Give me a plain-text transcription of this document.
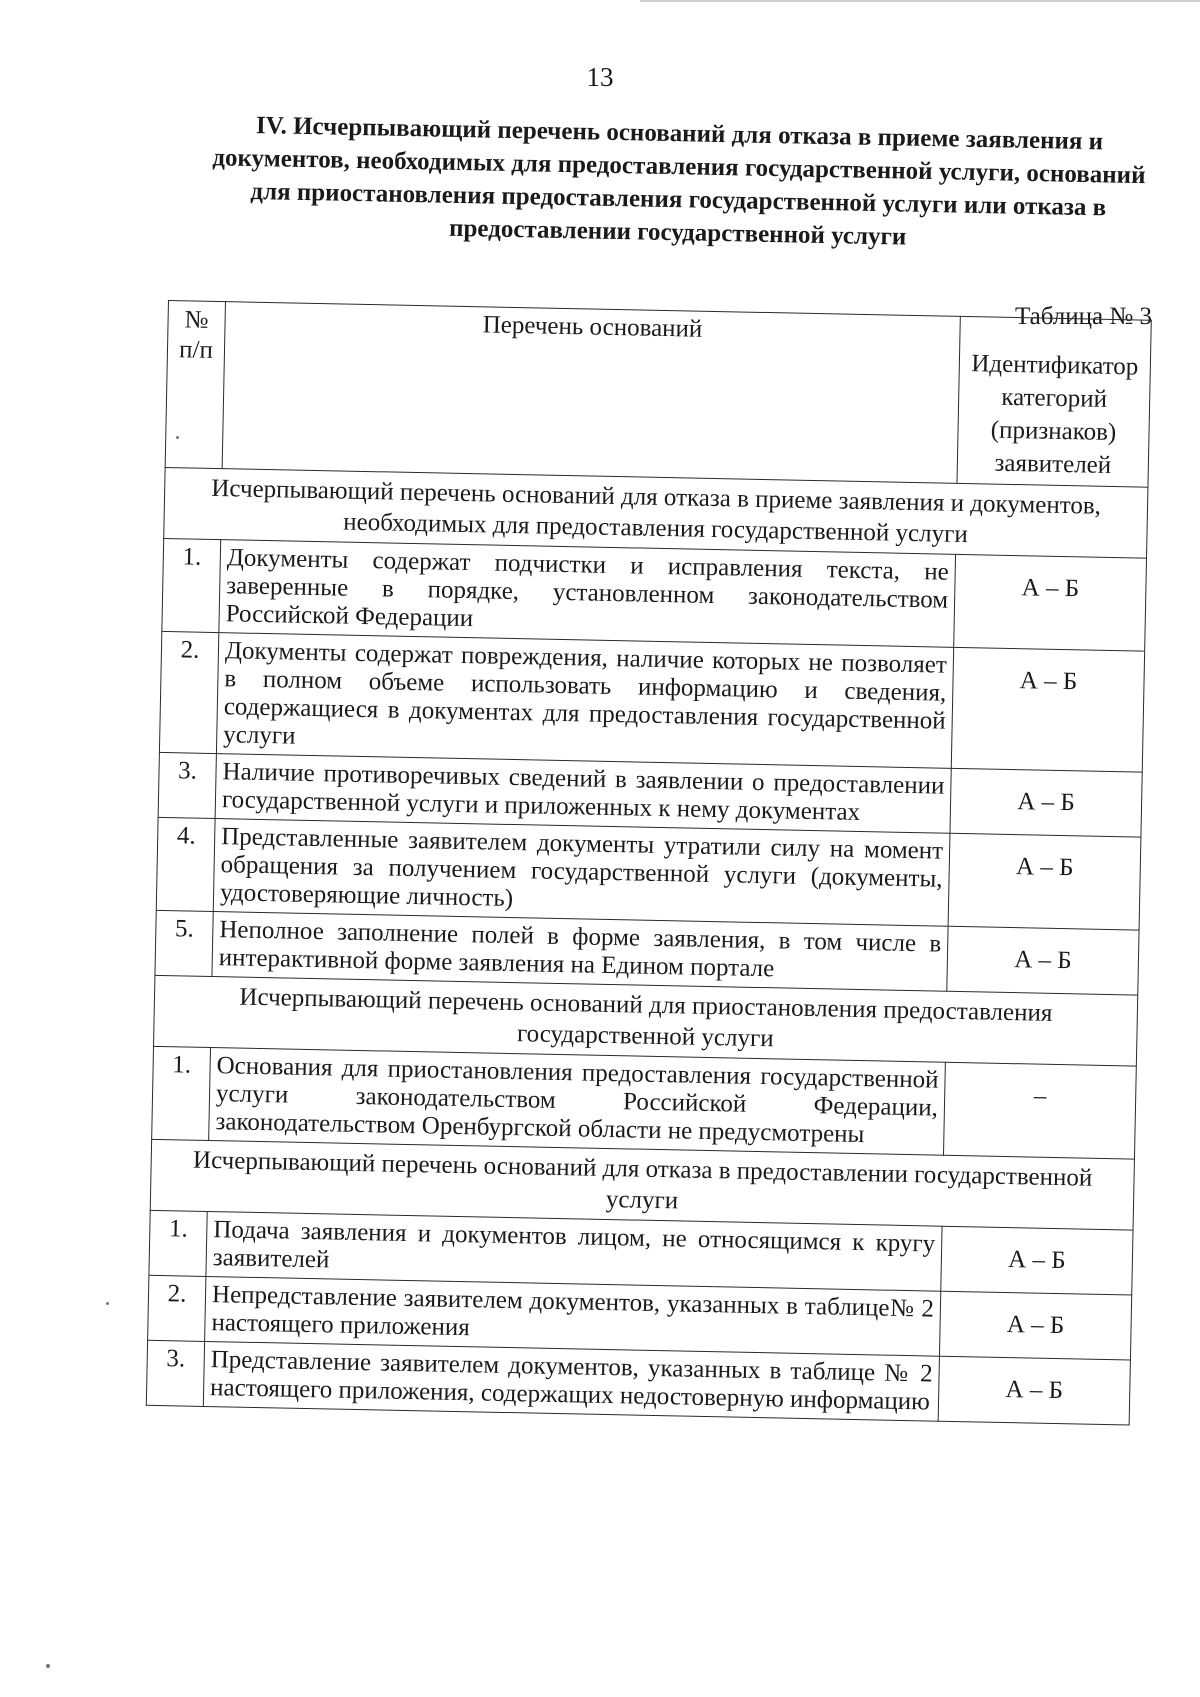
13
IV. Исчерпывающий перечень оснований для отказа в приеме заявления и документов, необходимых для предоставления государственной услуги, оснований для приостановления предоставления государственной услуги или отказа в предоставлении государственной услуги
Таблица № 3
№ п/п	Перечень оснований	Идентификатор категорий (признаков) заявителей
Исчерпывающий перечень оснований для отказа в приеме заявления и документов, необходимых для предоставления государственной услуги		
1.	Документы содержат подчистки и исправления текста, не заверенные в порядке, установленном законодательством Российской Федерации	А – Б
2.	Документы содержат повреждения, наличие которых не позволяет в полном объеме использовать информацию и сведения, содержащиеся в документах для предоставления государственной услуги	А – Б
3.	Наличие противоречивых сведений в заявлении о предоставлении государственной услуги и приложенных к нему документах	А – Б
4.	Представленные заявителем документы утратили силу на момент обращения за получением государственной услуги (документы, удостоверяющие личность)	А – Б
5.	Неполное заполнение полей в форме заявления, в том числе в интерактивной форме заявления на Едином портале	А – Б
Исчерпывающий перечень оснований для приостановления предоставления государственной услуги		
1.	Основания для приостановления предоставления государственной услуги законодательством Российской Федерации, законодательством Оренбургской области не предусмотрены	–
Исчерпывающий перечень оснований для отказа в предоставлении государственной услуги		
1.	Подача заявления и документов лицом, не относящимся к кругу заявителей	А – Б
2.	Непредставление заявителем документов, указанных в таблице№ 2 настоящего приложения	А – Б
3.	Представление заявителем документов, указанных в таблице № 2 настоящего приложения, содержащих недостоверную информацию	А – Б
